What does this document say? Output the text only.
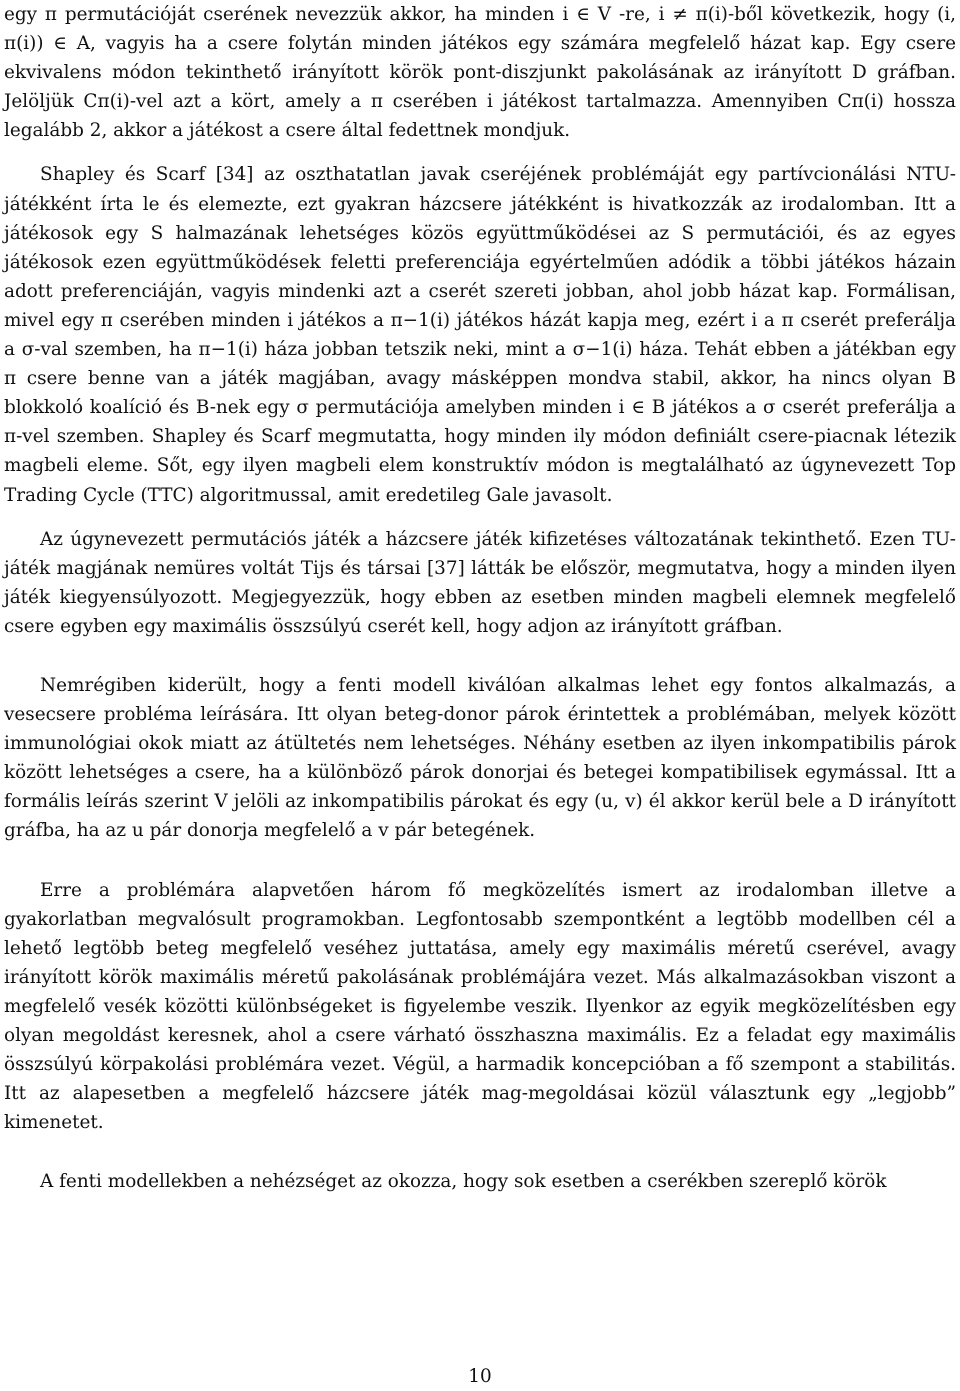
egy π permutációját cserének nevezzük akkor, ha minden i ∈ V -re, i ≠ π(i)-ből következik, hogy (i, π(i)) ∈ A, vagyis ha a csere folytán minden játékos egy számára megfelelő házat kap. Egy csere ekvivalens módon tekinthető irányított körök pont-diszjunkt pakolásának az irányított D gráfban. Jelöljük Cπ(i)-vel azt a kört, amely a π cserében i játékost tartalmazza. Amennyiben Cπ(i) hossza legalább 2, akkor a játékost a csere által fedettnek mondjuk.

Shapley és Scarf [34] az oszthatatlan javak cseréjének problémáját egy partívcionálási NTU-játékként írta le és elemezte, ezt gyakran házcsere játékként is hivatkozzák az irodalomban. Itt a játékosok egy S halmazának lehetséges közös együttműködései az S permutációi, és az egyes játékosok ezen együttműködések feletti preferenciája egyértelműen adódik a többi játékos házain adott preferenciáján, vagyis mindenki azt a cserét szereti jobban, ahol jobb házat kap. Formálisan, mivel egy π cserében minden i játékos a π−1(i) játékos házát kapja meg, ezért i a π cserét preferálja a σ-val szemben, ha π−1(i) háza jobban tetszik neki, mint a σ−1(i) háza. Tehát ebben a játékban egy π csere benne van a játék magjában, avagy másképpen mondva stabil, akkor, ha nincs olyan B blokkoló koalíció és B-nek egy σ permutációja amelyben minden i ∈ B játékos a σ cserét preferálja a π-vel szemben. Shapley és Scarf megmutatta, hogy minden ily módon definiált csere-piacnak létezik magbeli eleme. Sőt, egy ilyen magbeli elem konstruktív módon is megtalálható az úgynevezett Top Trading Cycle (TTC) algoritmussal, amit eredetileg Gale javasolt.

Az úgynevezett permutációs játék a házcsere játék kifizetéses változatának tekinthető. Ezen TU-játék magjának nemüres voltát Tijs és társai [37] látták be először, megmutatva, hogy a minden ilyen játék kiegyensúlyozott. Megjegyezzük, hogy ebben az esetben minden magbeli elemnek megfelelő csere egyben egy maximális összsúlyú cserét kell, hogy adjon az irányított gráfban.

Nemrégiben kiderült, hogy a fenti modell kiválóan alkalmas lehet egy fontos alkalmazás, a vesecsere probléma leírására. Itt olyan beteg-donor párok érintettek a problémában, melyek között immunológiai okok miatt az átültetés nem lehetséges. Néhány esetben az ilyen inkompatibilis párok között lehetséges a csere, ha a különböző párok donorjai és betegei kompatibilisek egymással. Itt a formális leírás szerint V jelöli az inkompatibilis párokat és egy (u, v) él akkor kerül bele a D irányított gráfba, ha az u pár donorja megfelelő a v pár betegének.

Erre a problémára alapvetően három fő megközelítés ismert az irodalomban illetve a gyakorlatban megvalósult programokban. Legfontosabb szempontként a legtöbb modellben cél a lehető legtöbb beteg megfelelő veséhez juttatása, amely egy maximális méretű cserével, avagy irányított körök maximális méretű pakolásának problémájára vezet. Más alkalmazásokban viszont a megfelelő vesék közötti különbségeket is figyelembe veszik. Ilyenkor az egyik megközelítésben egy olyan megoldást keresnek, ahol a csere várható összhaszna maximális. Ez a feladat egy maximális összsúlyú körpakolási problémára vezet. Végül, a harmadik koncepcióban a fő szempont a stabilitás. Itt az alapesetben a megfelelő házcsere játék mag-megoldásai közül választunk egy „legjobb” kimenetet.

A fenti modellekben a nehézséget az okozza, hogy sok esetben a cserékben szereplő körök

10
